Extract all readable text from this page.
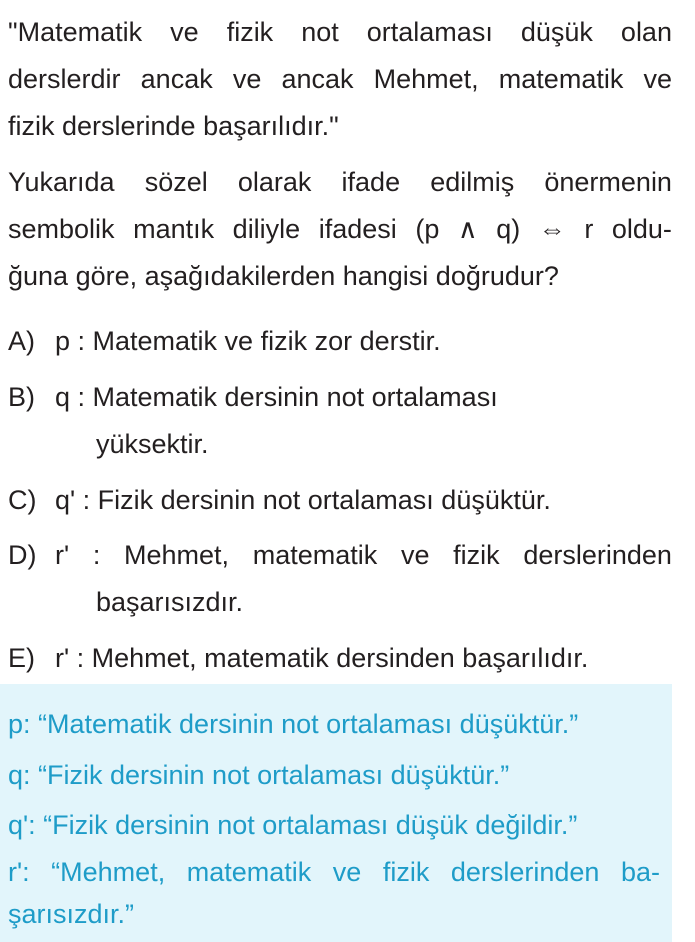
"Matematik ve fizik not ortalaması düşük olan
derslerdir ancak ve ancak Mehmet, matematik ve
fizik derslerinde başarılıdır."
Yukarıda sözel olarak ifade edilmiş önermenin
sembolik mantık diliyle ifadesi (p ∧ q) ⇔ r oldu-
ğuna göre, aşağıdakilerden hangisi doğrudur?
A) p : Matematik ve fizik zor derstir.
B) q : Matematik dersinin not ortalaması
yüksektir.
C) q' : Fizik dersinin not ortalaması düşüktür.
D) r' : Mehmet, matematik ve fizik derslerinden
başarısızdır.
E) r' : Mehmet, matematik dersinden başarılıdır.
p: “Matematik dersinin not ortalaması düşüktür.”
q: “Fizik dersinin not ortalaması düşüktür.”
q': “Fizik dersinin not ortalaması düşük değildir.”
r': “Mehmet, matematik ve fizik derslerinden ba-
şarısızdır.”
